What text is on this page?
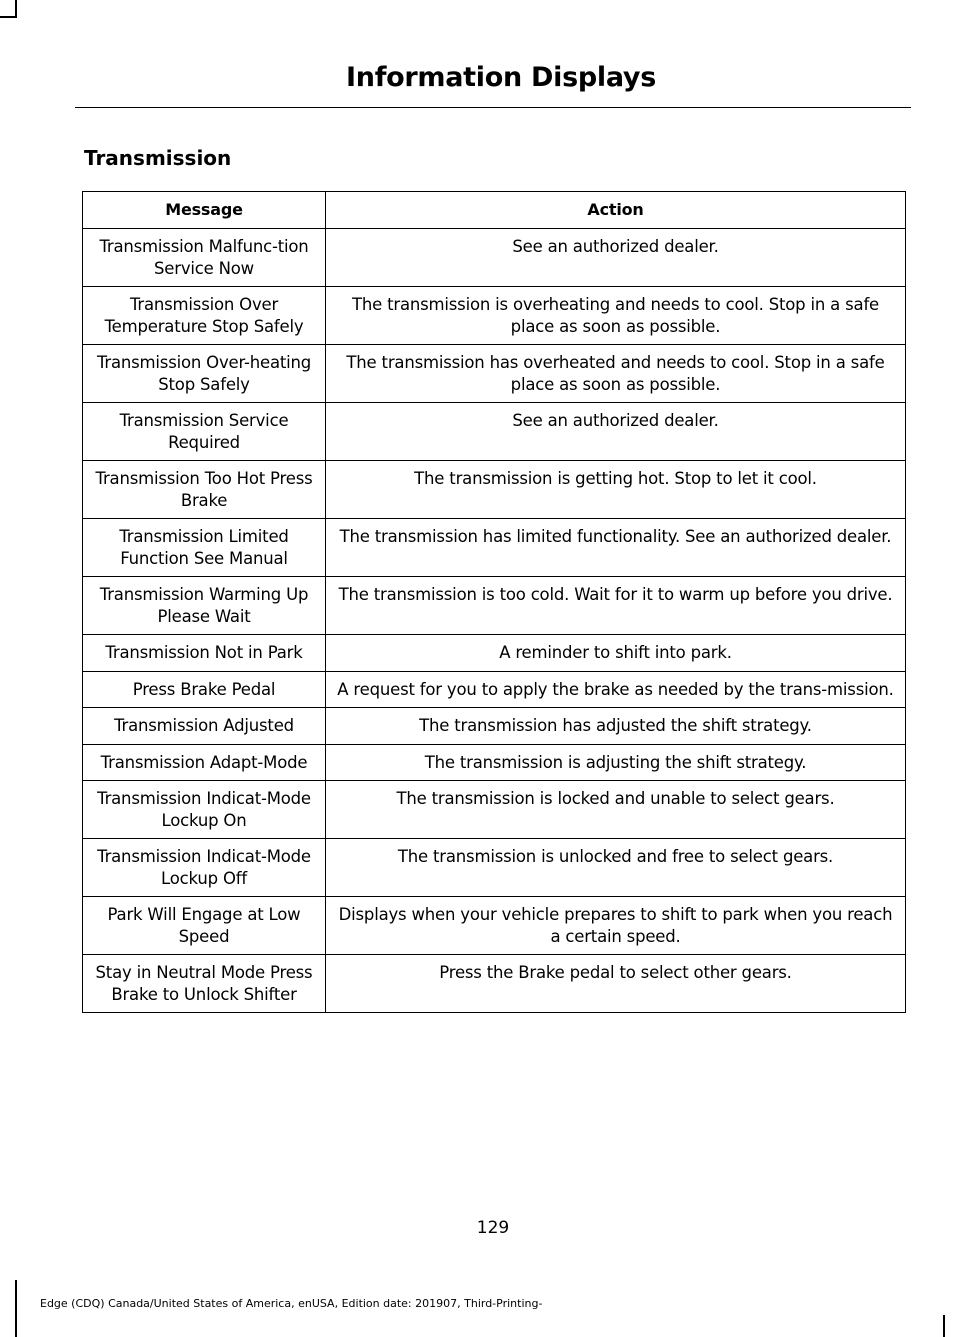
Information Displays
Transmission
Message	Action
Transmission Malfunc-tion Service Now	See an authorized dealer.
Transmission Over Temperature Stop Safely	The transmission is overheating and needs to cool. Stop in a safe place as soon as possible.
Transmission Over-heating Stop Safely	The transmission has overheated and needs to cool. Stop in a safe place as soon as possible.
Transmission Service Required	See an authorized dealer.
Transmission Too Hot Press Brake	The transmission is getting hot. Stop to let it cool.
Transmission Limited Function See Manual	The transmission has limited functionality. See an authorized dealer.
Transmission Warming Up Please Wait	The transmission is too cold. Wait for it to warm up before you drive.
Transmission Not in Park	A reminder to shift into park.
Press Brake Pedal	A request for you to apply the brake as needed by the trans-mission.
Transmission Adjusted	The transmission has adjusted the shift strategy.
Transmission Adapt-Mode	The transmission is adjusting the shift strategy.
Transmission Indicat-Mode Lockup On	The transmission is locked and unable to select gears.
Transmission Indicat-Mode Lockup Off	The transmission is unlocked and free to select gears.
Park Will Engage at Low Speed	Displays when your vehicle prepares to shift to park when you reach a certain speed.
Stay in Neutral Mode Press Brake to Unlock Shifter	Press the Brake pedal to select other gears.
129
Edge (CDQ) Canada/United States of America, enUSA, Edition date: 201907, Third-Printing-
